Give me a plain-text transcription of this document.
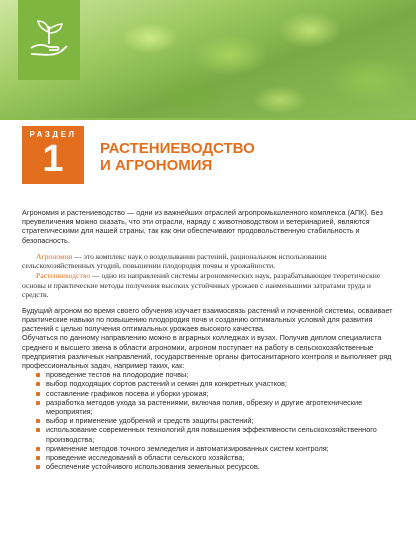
РАЗДЕЛ
1	РАСТЕНИЕВОДСТВО
И АГРОНОМИЯ

Агрономия и растениеводство — одни из важнейших отраслей агропромышленного комплекса (АПК). Без преувеличения можно сказать, что эти отрасли, наряду с животноводством и ветеринарией, являются стратегическими для нашей страны, так как они обеспечивают продовольственную стабильность и безопасность.

Агрономия — это комплекс наук о возделывании растений, рациональном использовании сельскохозяйственных угодий, повышении плодородия почвы и урожайности.

Растениеводство — одно из направлений системы агрономических наук, разрабатывающее теоретические основы и практические методы получения высоких устойчивых урожаев с наименьшими затратами труда и средств.

Будущий агроном во время своего обучения изучает взаимосвязь растений и почвенной системы, осваивает практические навыки по повышению плодородия почв и созданию оптимальных условий для развития растений с целью получения оптимальных урожаев высокого качества.

Обучаться по данному направлению можно в аграрных колледжах и вузах. Получив диплом специалиста среднего и высшего звена в области агрономии, агроном поступает на работу в сельскохозяйственные предприятия различных направлений, государственные органы фитосанитарного контроля и выполняет ряд профессиональных задач, например таких, как:

проведение тестов на плодородие почвы;
выбор подходящих сортов растений и семян для конкретных участков;
составление графиков посева и уборки урожая;
разработка методов ухода за растениями, включая полив, обрезку и другие агротехнические мероприятия;
выбор и применение удобрений и средств защиты растений;
использование современных технологий для повышения эффективности сельскохозяйственного производства;
применение методов точного земледелия и автоматизированных систем контроля;
проведение исследований в области сельского хозяйства;
обеспечение устойчивого использования земельных ресурсов.
